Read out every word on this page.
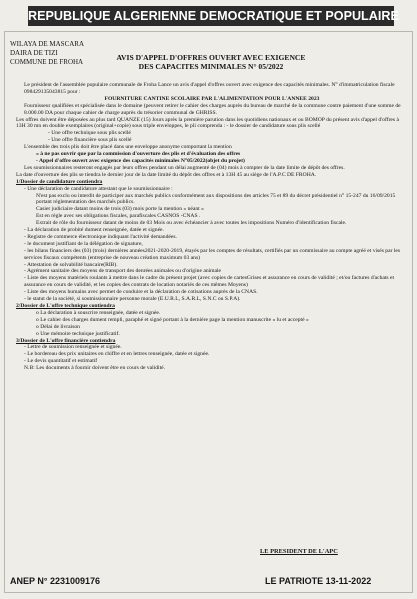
REPUBLIQUE ALGERIENNE DEMOCRATIQUE ET POPULAIRE
WILAYA DE MASCARA
DAIRA DE TIZI
COMMUNE DE FROHA	AVIS D'APPEL D'OFFRES OUVERT AVEC EXIGENCE
DES CAPACITES MINIMALES N° 05/2022

Le président de l'assemblée populaire communale de Froha Lance un avis d'appel d'offres ouvert avec exigence des capacités minimales. N° d'immatriculation fiscale 098429135043815 pour :

FOURNITURE CANTINE SCOLAIRE PAR L'ALIMENTATION POUR L'ANNEE 2023

Fournisseur qualifiées et spécialisée dans le domaine (peuvent retirer le cahier des charges auprès du bureau de marché de la commune contre paiement d'une somme de 8.000.00 DA pour chaque cahier de charge auprès du trésorier communal de GHRISS.

Les offres doivent être déposées au plus tard QUANZE (15) Jours après la première parution dans les quotidiens nationaux et ou BOMOP du présent avis d'appel d'offres à 13H 30 mn en double exemplaires (original+copie) sous triple enveloppes, le pli comprenda : - le dossier de candidature sous plis scellé

- Une offre technique sous plis scellé

- Une offre financière sous plis scellé

L'ensemble des trois plis doit être placé dans une enveloppe anonyme comportant la mention

« à ne pas ouvrir que par la commission d'ouverture des plis et d'évaluation des offres

- Appel d'offre ouvert avec exigence des capacités minimales N°05/2022(objet du projet)

Les soumissionnaires resteront engagés par leurs offres pendant un délai augmenté de (04) mois à compter de la date limite de dépôt des offres.

La date d'ouverture des plis se tiendra le dernier jour de la date limité du dépôt des offres et à 13H 45 au siège de l'A.P.C DE FROHA.

1/Dossier de candidature contiendra

- Une déclaration de candidature attestant que le soumissionnaire :

N'est pas exclu ou interdit de participer aux marchés publics conformément aux dispositions des articles 75 et 89 du décret présidentiel n° 15-247 du 16/09/2015 portant réglementation des marchés publics.

Casier judiciaire datant moins de trois (03) mois porte la mention « néant »

Est en règle avec ses obligations fiscales, parafiscales CASNOS -CNAS .

Extrait de rôle du fournisseur datant de moins de 03 Mois ou avec échéancier à avec toutes les impositions Numéro d'identification fiscale.

- La déclaration de probité dument renseignée, datée et signée.

- Registre de commerce électronique indiquant l'activité demandées.

- le document justifiant de la délégation de signature,

- les bilans financiers des (03) (trois) dernières années2021-2020-2019, étayés par les comptes de résultats, certifiés par un commissaire au compte agréé et visés par les services fiscaux compétents (entreprise de nouveau création maximum 03 ans)

- Attestation de solvabilité bancaire(RIB).

- Agrément sanitaire des moyens de transport des denrées animales ou d'origine animale

- Liste des moyens matériels roulants à mettre dans le cadre du présent projet (avec copies de cartesGrises et assurance en cours de validité ; et/ou factures d'achats et assurance en cours de validité, et les copies des contrats de location notariés de ces mêmes Moyens)

- Liste des moyens humains avec permet de conduire et la déclaration de cotisations auprès de la CNAS.

- le statut de la société, si soumissionnaire personne morale (E.U.R.L, S.A.R.L, S.N.C ou S.P.A).

2/Dossier de L'offre technique contiendra

o La déclaration à souscrire renseignée, datée et signée.

o Le cahier des charges dument rempli, paraphé et signé portant à la dernière page la mention manuscrite « lu et accepté »

o Délai de livraison

o Une mémoire technique justificatif.

3/Dossier de L'offre financière contiendra

- Lettre de soumission renseignée et signée.

- Le bordereau des prix unitaires en chiffre et en lettres renseignée, datée et signée.

- Le devis quantitatif et estimatif

N.B: Les documents à fournir doivent être en cours de validité.

LE PRESIDENT DE L'APC
ANEP N° 2231009176	LE PATRIOTE 13-11-2022
